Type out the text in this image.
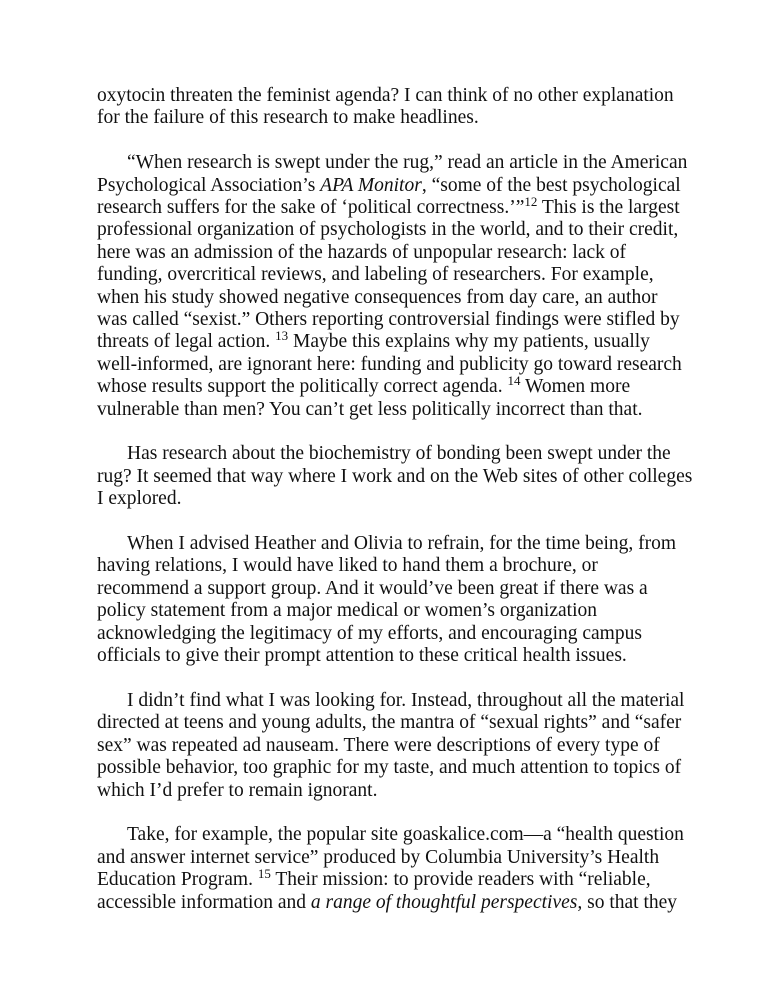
oxytocin threaten the feminist agenda? I can think of no other explanation
for the failure of this research to make headlines.

“When research is swept under the rug,” read an article in the American
Psychological Association’s APA Monitor, “some of the best psychological
research suffers for the sake of ‘political correctness.’”$^{12}$ This is the largest
professional organization of psychologists in the world, and to their credit,
here was an admission of the hazards of unpopular research: lack of
funding, overcritical reviews, and labeling of researchers. For example,
when his study showed negative consequences from day care, an author
was called “sexist.” Others reporting controversial findings were stifled by
threats of legal action. $^{13}$ Maybe this explains why my patients, usually
well-informed, are ignorant here: funding and publicity go toward research
whose results support the politically correct agenda. $^{14}$ Women more
vulnerable than men? You can’t get less politically incorrect than that.

Has research about the biochemistry of bonding been swept under the
rug? It seemed that way where I work and on the Web sites of other colleges
I explored.

When I advised Heather and Olivia to refrain, for the time being, from
having relations, I would have liked to hand them a brochure, or
recommend a support group. And it would’ve been great if there was a
policy statement from a major medical or women’s organization
acknowledging the legitimacy of my efforts, and encouraging campus
officials to give their prompt attention to these critical health issues.

I didn’t find what I was looking for. Instead, throughout all the material
directed at teens and young adults, the mantra of “sexual rights” and “safer
sex” was repeated ad nauseam. There were descriptions of every type of
possible behavior, too graphic for my taste, and much attention to topics of
which I’d prefer to remain ignorant.

Take, for example, the popular site goaskalice.com—a “health question
and answer internet service” produced by Columbia University’s Health
Education Program. $^{15}$ Their mission: to provide readers with “reliable,
accessible information and a range of thoughtful perspectives, so that they
